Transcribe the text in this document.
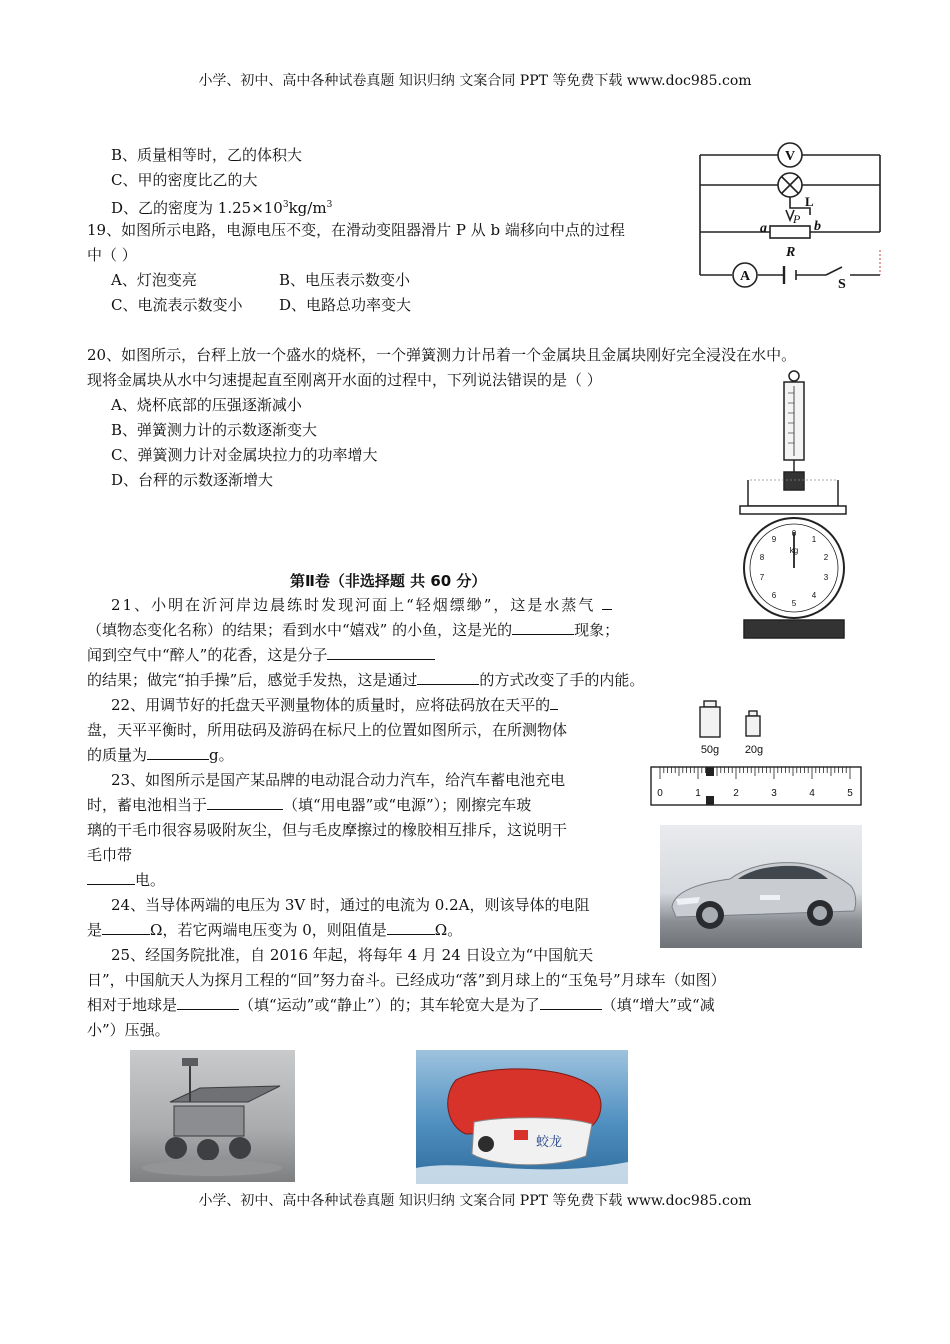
小学、初中、高中各种试卷真题 知识归纳 文案合同 PPT 等免费下载 www.doc985.com
B、质量相等时，乙的体积大
C、甲的密度比乙的大
D、乙的密度为 $1.25\times 10^3kg/m^3$
19、如图所示电路，电源电压不变，在滑动变阻器滑片 P 从 b 端移向中点的过程
中（ ）
A、灯泡变亮	B、电压表示数变小
C、电流表示数变小 D、电路总功率变大
V
L
P
a	b
R
A
S
20、如图所示，台秤上放一个盛水的烧杯，一个弹簧测力计吊着一个金属块且金属块刚好完全浸没在水中。
现将金属块从水中匀速提起直至刚离开水面的过程中，下列说法错误的是（ ）
A、烧杯底部的压强逐渐减小
B、弹簧测力计的示数逐渐变大
C、弹簧测力计对金属块拉力的功率增大
D、台秤的示数逐渐增大
kg
0
1
2
3
4
5
6
7
8
9
第Ⅱ卷（非选择题 共 60 分）
21、小明在沂河岸边晨练时发现河面上“轻烟缥缈”，这是水蒸气
（填物态变化名称）的结果；看到水中“嬉戏” 的小鱼，这是光的	现象；
闻到空气中“醉人”的花香，这是分子
的结果；做完“拍手操”后，感觉手发热，这是通过	的方式改变了手的内能。
22、用调节好的托盘天平测量物体的质量时，应将砝码放在天平的
盘，天平平衡时，所用砝码及游码在标尺上的位置如图所示，在所测物体
的质量为	g。	50g 20g
0	1	2	3	4	5
23、如图所示是国产某品牌的电动混合动力汽车，给汽车蓄电池充电
时，蓄电池相当于	（填“用电器”或“电源”）；刚擦完车玻
璃的干毛巾很容易吸附灰尘，但与毛皮摩擦过的橡胶相互排斥，这说明干
毛巾带
电。
24、当导体两端的电压为 3V 时，通过的电流为 0.2A，则该导体的电阻
是	Ω，若它两端电压变为 0，则阻值是	Ω。
25、经国务院批准，自 2016 年起，将每年 4 月 24 日设立为“中国航天
日”，中国航天人为探月工程的“回”努力奋斗。已经成功“落”到月球上的“玉兔号”月球车（如图）
相对于地球是	（填“运动”或“静止”）的；其车轮宽大是为了	（填“增大”或“减
小”）压强。
蛟龙
小学、初中、高中各种试卷真题 知识归纳 文案合同 PPT 等免费下载 www.doc985.com
